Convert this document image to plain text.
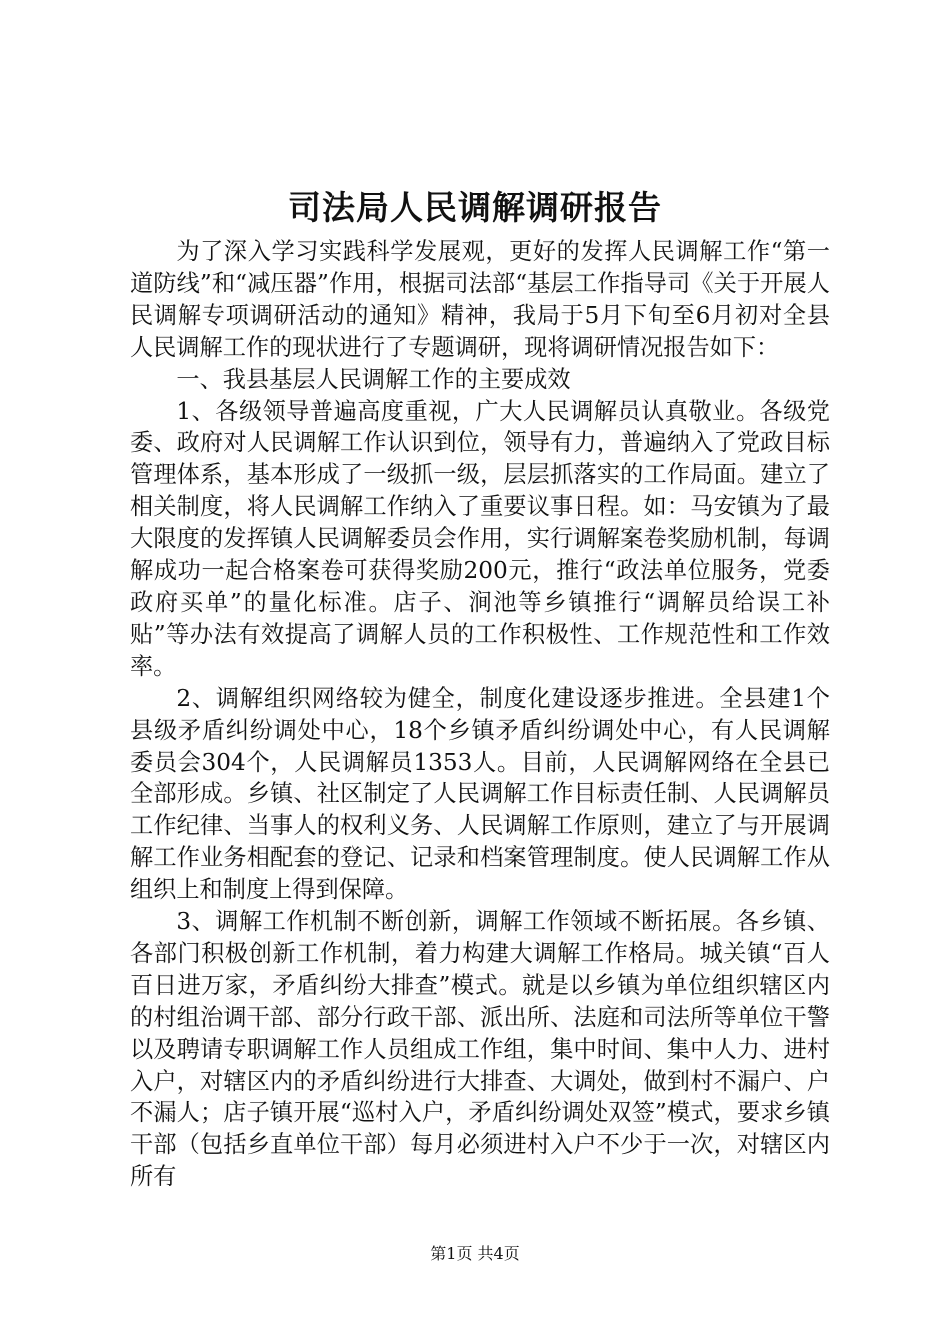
司法局人民调解调研报告

为了深入学习实践科学发展观，更好的发挥人民调解工作“第一道防线”和“减压器”作用，根据司法部“基层工作指导司《关于开展人民调解专项调研活动的通知》精神，我局于5月下旬至6月初对全县人民调解工作的现状进行了专题调研，现将调研情况报告如下：

一、我县基层人民调解工作的主要成效

1、各级领导普遍高度重视，广大人民调解员认真敬业。各级党委、政府对人民调解工作认识到位，领导有力，普遍纳入了党政目标管理体系，基本形成了一级抓一级，层层抓落实的工作局面。建立了相关制度，将人民调解工作纳入了重要议事日程。如：马安镇为了最大限度的发挥镇人民调解委员会作用，实行调解案卷奖励机制，每调解成功一起合格案卷可获得奖励200元，推行“政法单位服务，党委政府买单”的量化标准。店子、涧池等乡镇推行“调解员给误工补贴”等办法有效提高了调解人员的工作积极性、工作规范性和工作效率。

2、调解组织网络较为健全，制度化建设逐步推进。全县建1个县级矛盾纠纷调处中心，18个乡镇矛盾纠纷调处中心，有人民调解委员会304个，人民调解员1353人。目前，人民调解网络在全县已全部形成。乡镇、社区制定了人民调解工作目标责任制、人民调解员工作纪律、当事人的权利义务、人民调解工作原则，建立了与开展调解工作业务相配套的登记、记录和档案管理制度。使人民调解工作从组织上和制度上得到保障。

3、调解工作机制不断创新，调解工作领域不断拓展。各乡镇、各部门积极创新工作机制，着力构建大调解工作格局。城关镇“百人百日进万家，矛盾纠纷大排查”模式。就是以乡镇为单位组织辖区内的村组治调干部、部分行政干部、派出所、法庭和司法所等单位干警以及聘请专职调解工作人员组成工作组，集中时间、集中人力、进村入户，对辖区内的矛盾纠纷进行大排查、大调处，做到村不漏户、户不漏人；店子镇开展“巡村入户，矛盾纠纷调处双签”模式，要求乡镇干部（包括乡直单位干部）每月必须进村入户不少于一次，对辖区内所有

第1页 共4页
